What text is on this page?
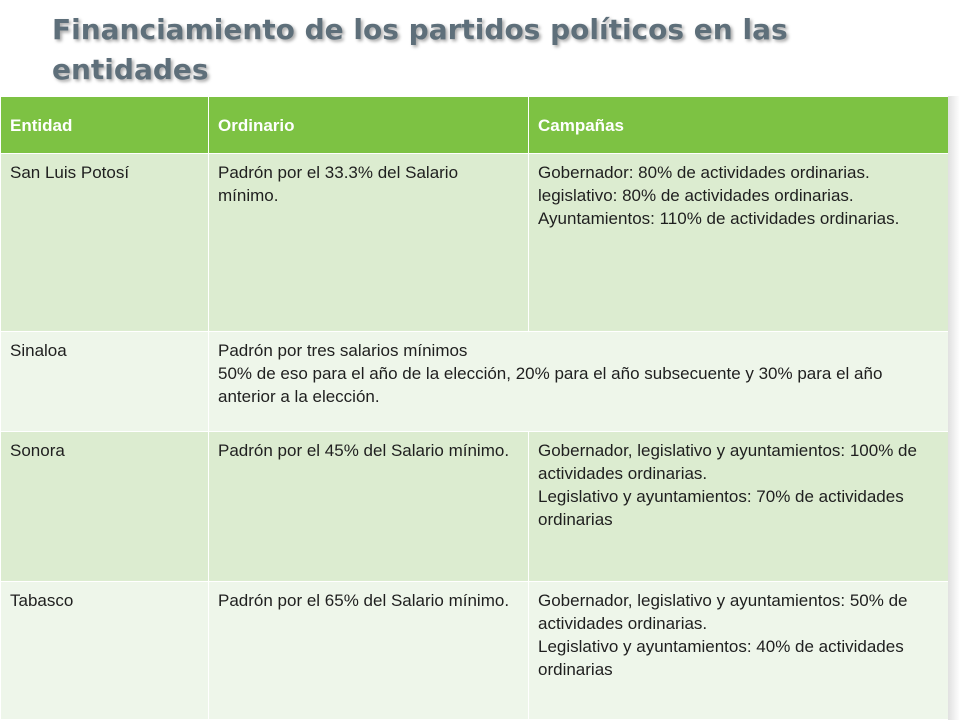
Financiamiento de los partidos políticos en las entidades
Entidad	Ordinario	Campañas
San Luis Potosí	Padrón por el 33.3% del Salario mínimo.	Gobernador: 80% de actividades ordinarias.
legislativo: 80% de actividades ordinarias.
Ayuntamientos: 110% de actividades ordinarias.

Sinaloa	Padrón por tres salarios mínimos
50% de eso para el año de la elección, 20% para el año subsecuente y 30% para el año anterior a la elección.	

Sonora	Padrón por el 45% del Salario mínimo.	Gobernador, legislativo y ayuntamientos: 100% de actividades ordinarias.
Legislativo y ayuntamientos: 70% de actividades ordinarias

Tabasco	Padrón por el 65% del Salario mínimo.	Gobernador, legislativo y ayuntamientos: 50% de actividades ordinarias.
Legislativo y ayuntamientos: 40% de actividades ordinarias
